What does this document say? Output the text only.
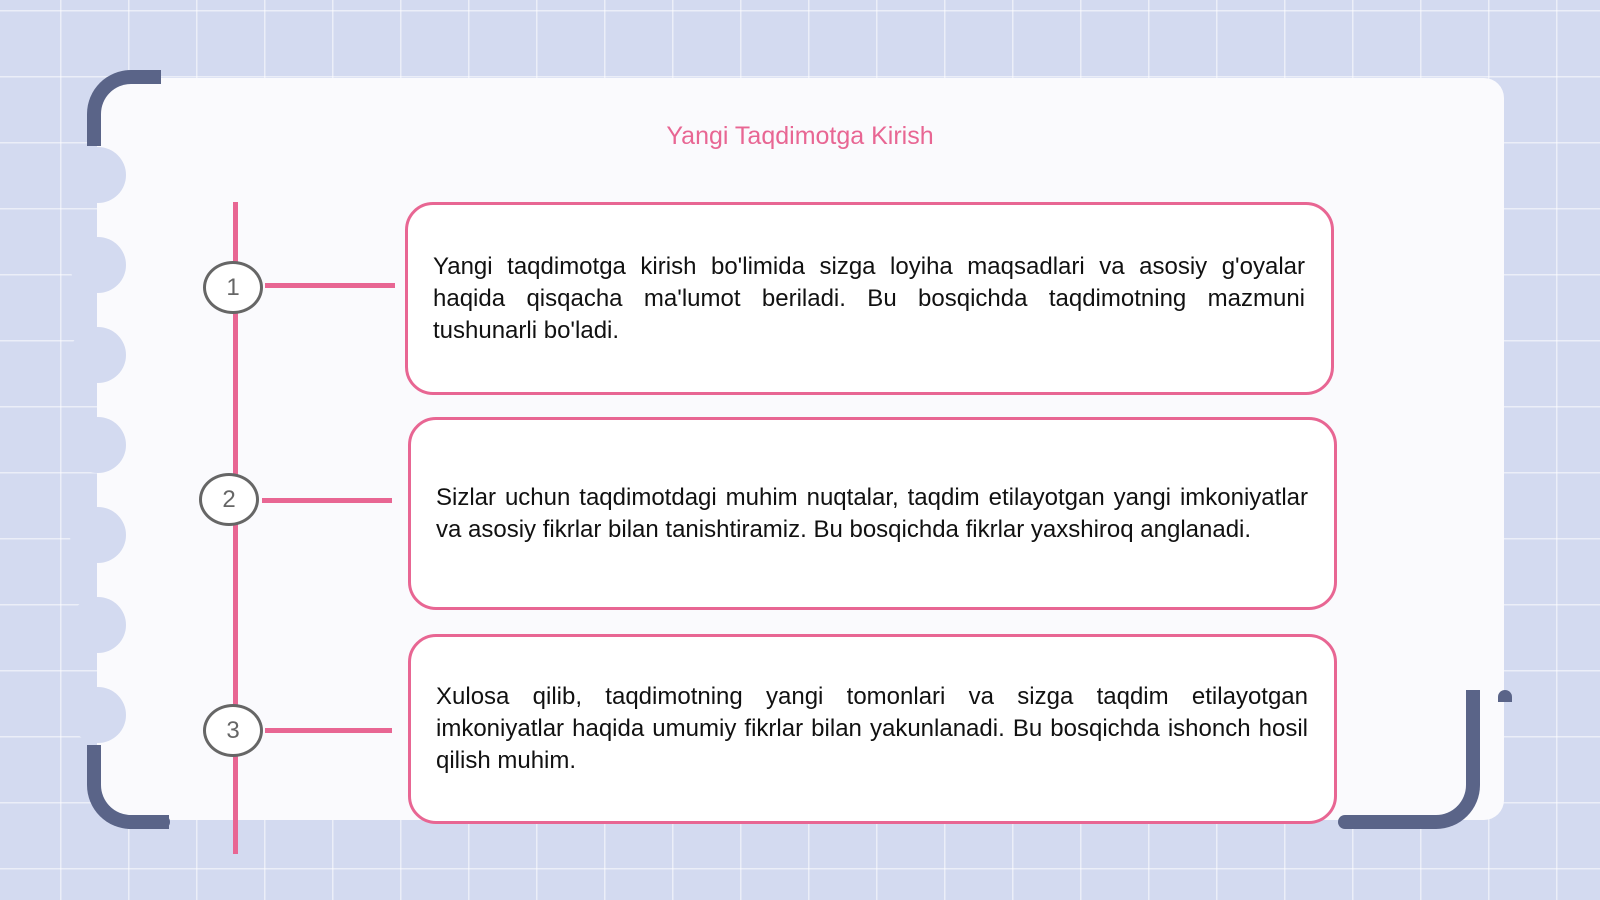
Yangi Taqdimotga Kirish
1

Yangi taqdimotga kirish bo'limida sizga loyiha maqsadlari va asosiy g'oyalar haqida qisqacha ma'lumot beriladi. Bu bosqichda taqdimotning mazmuni tushunarli bo'ladi.

2	Sizlar uchun taqdimotdagi muhim nuqtalar, taqdim etilayotgan yangi imkoniyatlar va asosiy fikrlar bilan tanishtiramiz. Bu bosqichda fikrlar yaxshiroq anglanadi.

3

Xulosa qilib, taqdimotning yangi tomonlari va sizga taqdim etilayotgan imkoniyatlar haqida umumiy fikrlar bilan yakunlanadi. Bu bosqichda ishonch hosil qilish muhim.
